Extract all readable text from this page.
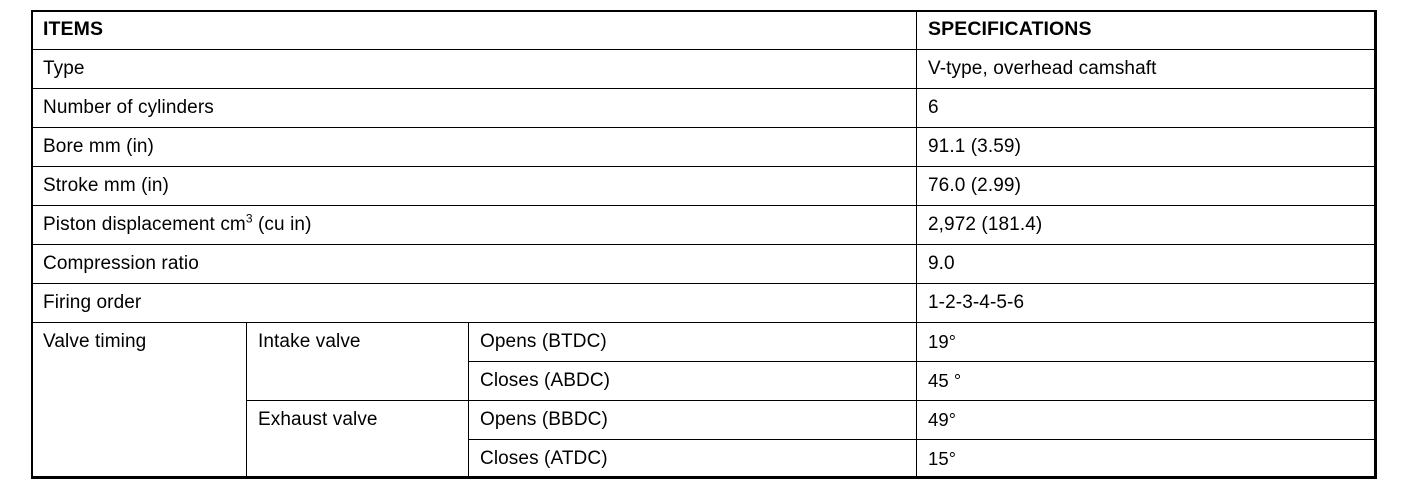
ITEMS			SPECIFICATIONS
Type			V-type, overhead camshaft
Number of cylinders			6
Bore mm (in)			91.1 (3.59)
Stroke mm (in)			76.0 (2.99)
Piston displacement $cm^3$ (cu in)			2,972 (181.4)
Compression ratio			9.0
Firing order			1-2-3-4-5-6
Valve timing	Intake valve	Opens (BTDC)	19°
		Closes (ABDC)	45 °
	Exhaust valve	Opens (BBDC)	49°
		Closes (ATDC)	15°
